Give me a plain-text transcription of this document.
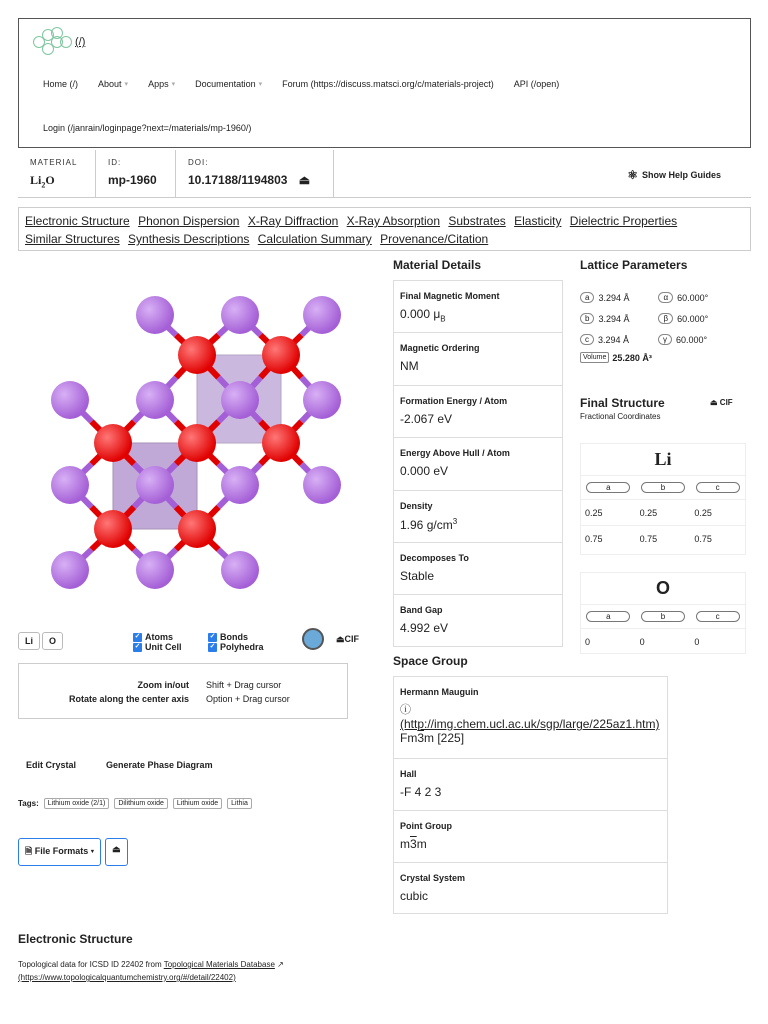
(/)
Home (/) About ▾ Apps ▾ Documentation ▾ Forum (https://discuss.matsci.org/c/materials-project) API (/open)
Login (/janrain/loginpage?next=/materials/mp-1960/)
MATERIAL
$Li_2O$
ID:
mp-1960
DOI:
10.17188/1194803 ⏏	⚛ Show Help Guides
Electronic Structure Phonon Dispersion X-Ray Diffraction X-Ray Absorption Substrates Elasticity Dielectric Properties
Similar Structures Synthesis Descriptions Calculation Summary Provenance/Citation
Li	O	✓ Atoms
✓ Unit Cell
✓ Bonds
✓ Polyhedra
⏏CIF
Zoom in/out Shift + Drag cursor
Rotate along the center axis Option + Drag cursor
Edit Crystal	Generate Phase Diagram
Tags:	Lithium oxide (2/1)	Dilithium oxide	Lithium oxide	Lithia
🗎 File Formats ▾	⏏
Electronic Structure
Topological data for ICSD ID 22402 from Topological Materials Database ↗
(https://www.topologicalquantumchemistry.org/#/detail/22402)
Material Details
Final Magnetic Moment
0.000 $\mu_B$
Magnetic Ordering
NM
Formation Energy / Atom
-2.067 eV
Energy Above Hull / Atom
0.000 eV
Density
1.96 $g/cm^3$
Decomposes To
Stable
Band Gap
4.992 eV
Space Group
Hermann Mauguin
ⓘ
(http://img.chem.ucl.ac.uk/sgp/large/225az1.htm)
Fm3m [225]
Hall
-F 4 2 3
Point Group
m3m
Crystal System
cubic
Lattice Parameters
a	3.294 Å	α	60.000°
b	3.294 Å	β	60.000°
c	3.294 Å	γ	60.000°
Volume 25.280 Å³
Final Structure
Fractional Coordinates
⏏ CIF
Li
a	b	c
0.25	0.25	0.25
0.75	0.75	0.75
O
a	b	c
0	0	0
